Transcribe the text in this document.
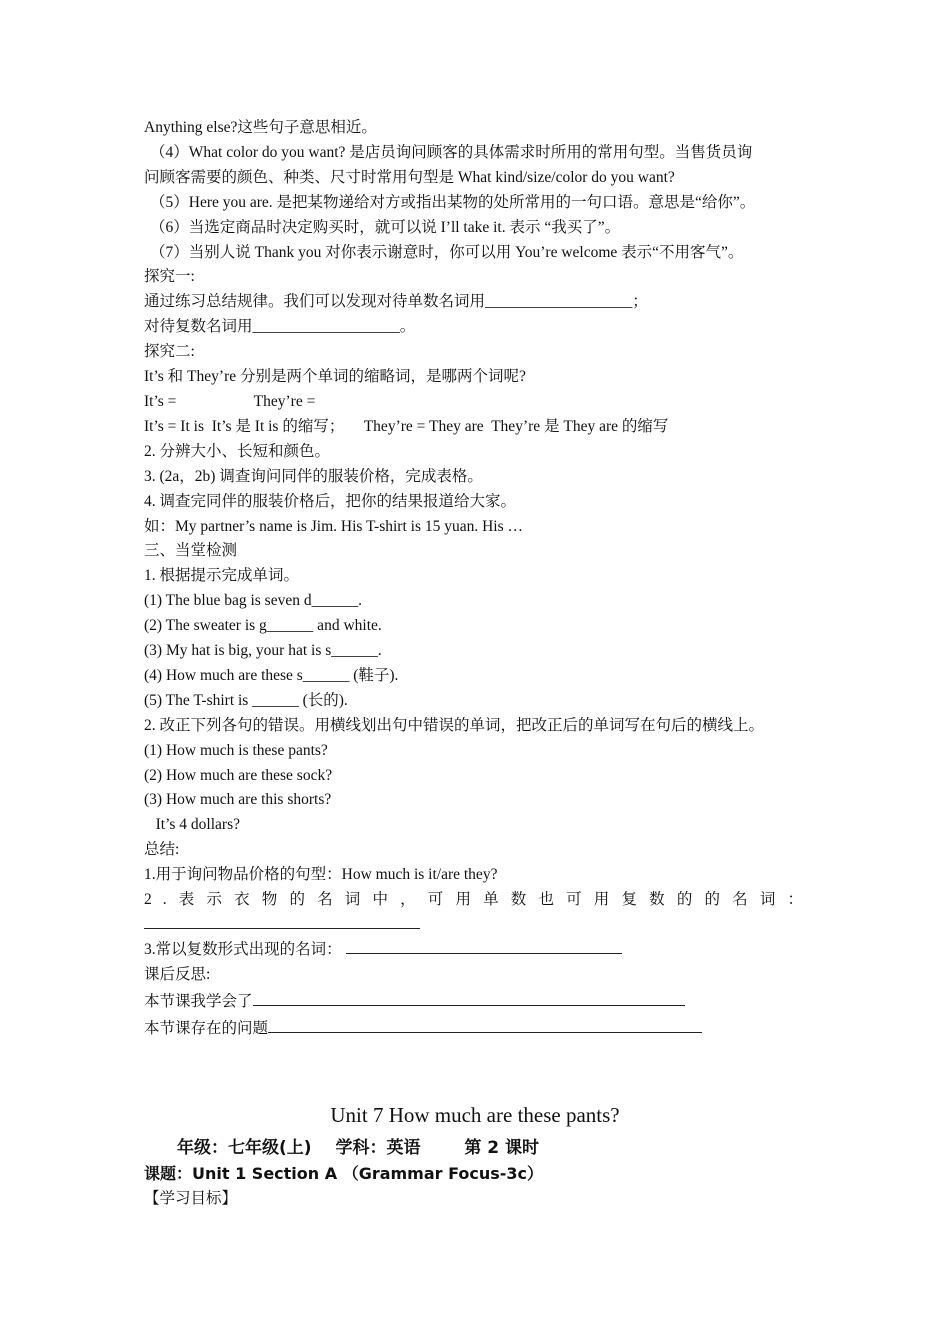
Anything else?这些句子意思相近。
（4）What color do you want? 是店员询问顾客的具体需求时所用的常用句型。当售货员询
问顾客需要的颜色、种类、尺寸时常用句型是 What kind/size/color do you want?
（5）Here you are. 是把某物递给对方或指出某物的处所常用的一句口语。意思是“给你”。
（6）当选定商品时决定购买时，就可以说 I’ll take it. 表示 “我买了”。
（7）当别人说 Thank you 对你表示谢意时，你可以用 You’re welcome 表示“不用客气”。
探究一:
通过练习总结规律。我们可以发现对待单数名词用___________________；
对待复数名词用___________________。
探究二:
It’s 和 They’re 分别是两个单词的缩略词，是哪两个词呢?
It’s =                    They’re =
It’s = It is  It’s 是 It is 的缩写；     They’re = They are  They’re 是 They are 的缩写
2. 分辨大小、长短和颜色。
3. (2a，2b) 调查询问同伴的服装价格，完成表格。
4. 调查完同伴的服装价格后，把你的结果报道给大家。
如：My partner’s name is Jim. His T-shirt is 15 yuan. His …
三、当堂检测
1. 根据提示完成单词。
(1) The blue bag is seven d______.
(2) The sweater is g______ and white.
(3) My hat is big, your hat is s______.
(4) How much are these s______ (鞋子).
(5) The T-shirt is ______ (长的).
2. 改正下列各句的错误。用横线划出句中错误的单词，把改正后的单词写在句后的横线上。
(1) How much is these pants?
(2) How much are these sock?
(3) How much are this shorts?
It’s 4 dollars?
总结:
1.用于询问物品价格的句型：How much is it/are they?
2.表示衣物的名词中，可用单数也可用复数的的名词：
3.常以复数形式出现的名词：
课后反思:
本节课我学会了
本节课存在的问题
Unit 7 How much are these pants?
年级：七年级(上) 学科：英语	第 2 课时
课题：Unit 1 Section A （Grammar Focus-3c）
【学习目标】
